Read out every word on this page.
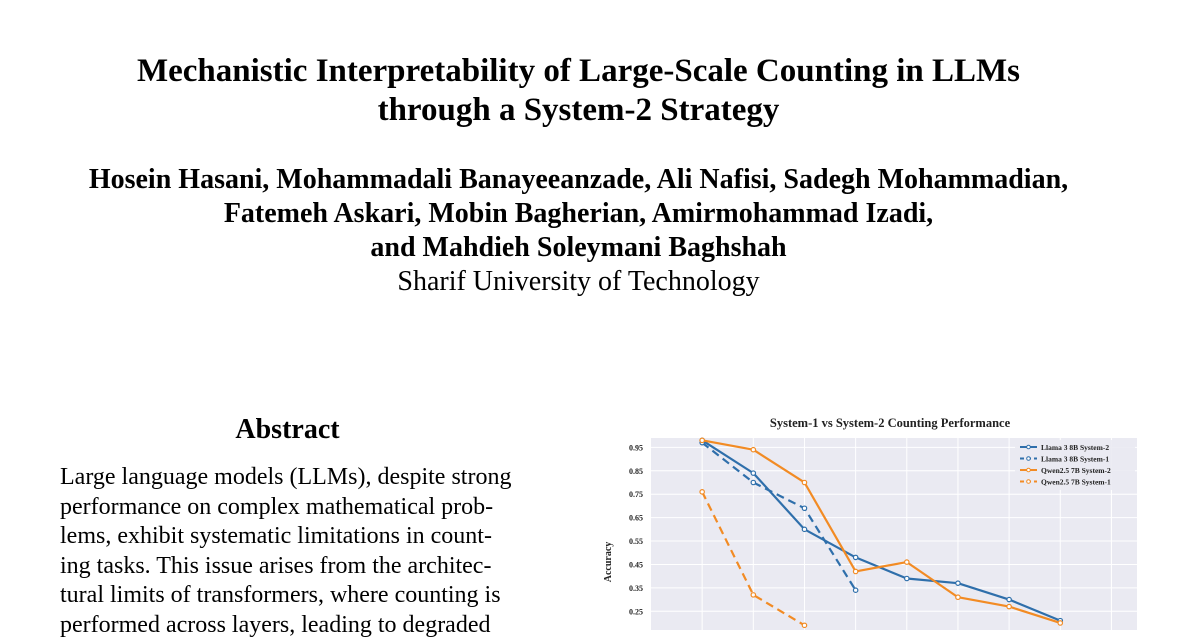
Mechanistic Interpretability of Large-Scale Counting in LLMs
through a System-2 Strategy
Hosein Hasani, Mohammadali Banayeeanzade, Ali Nafisi, Sadegh Mohammadian,
Fatemeh Askari, Mobin Bagherian, Amirmohammad Izadi,
and Mahdieh Soleymani Baghshah
Sharif University of Technology
Abstract
Large language models (LLMs), despite strong
performance on complex mathematical prob-
lems, exhibit systematic limitations in count-
ing tasks. This issue arises from the architec-
tural limits of transformers, where counting is
performed across layers, leading to degraded
System-1 vs System-2 Counting Performance
0.95
0.85
0.75
0.65
0.55
0.45
0.35
0.25
Accuracy
Llama 3 8B System-2
Llama 3 8B System-1
Qwen2.5 7B System-2
Qwen2.5 7B System-1
